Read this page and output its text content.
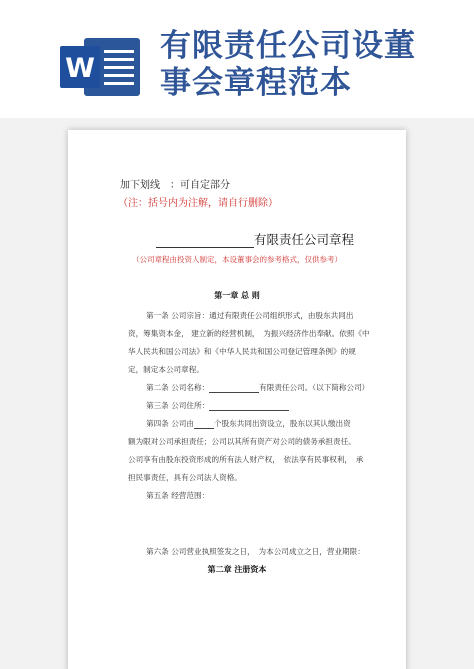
W
有限责任公司设董
事会章程范本
加下划线　：可自定部分
（注：括号内为注解，请自行删除）
有限责任公司章程
（公司章程由投资人制定，本设董事会的参考格式，仅供参考）
第一章 总 则
第一条 公司宗旨：通过有限责任公司组织形式，由股东共同出
资，筹集资本金， 建立新的经营机制，　为振兴经济作出奉献。依照《中
华人民共和国公司法》和《中华人民共和国公司登记管理条例》的规
定，制定本公司章程。
第二条 公司名称：	有限责任公司。（以下简称公司）
第三条 公司住所：
第四条 公司由	个股东共同出资设立，股东以其认缴出资
额为限对公司承担责任；公司以其所有资产对公司的债务承担责任。
公司享有由股东投资形成的所有法人财产权，　依法享有民事权利，　承
担民事责任，具有公司法人资格。
第五条 经营范围：
第六条 公司营业执照签发之日，　为本公司成立之日，营业期限：
第二章 注册资本
